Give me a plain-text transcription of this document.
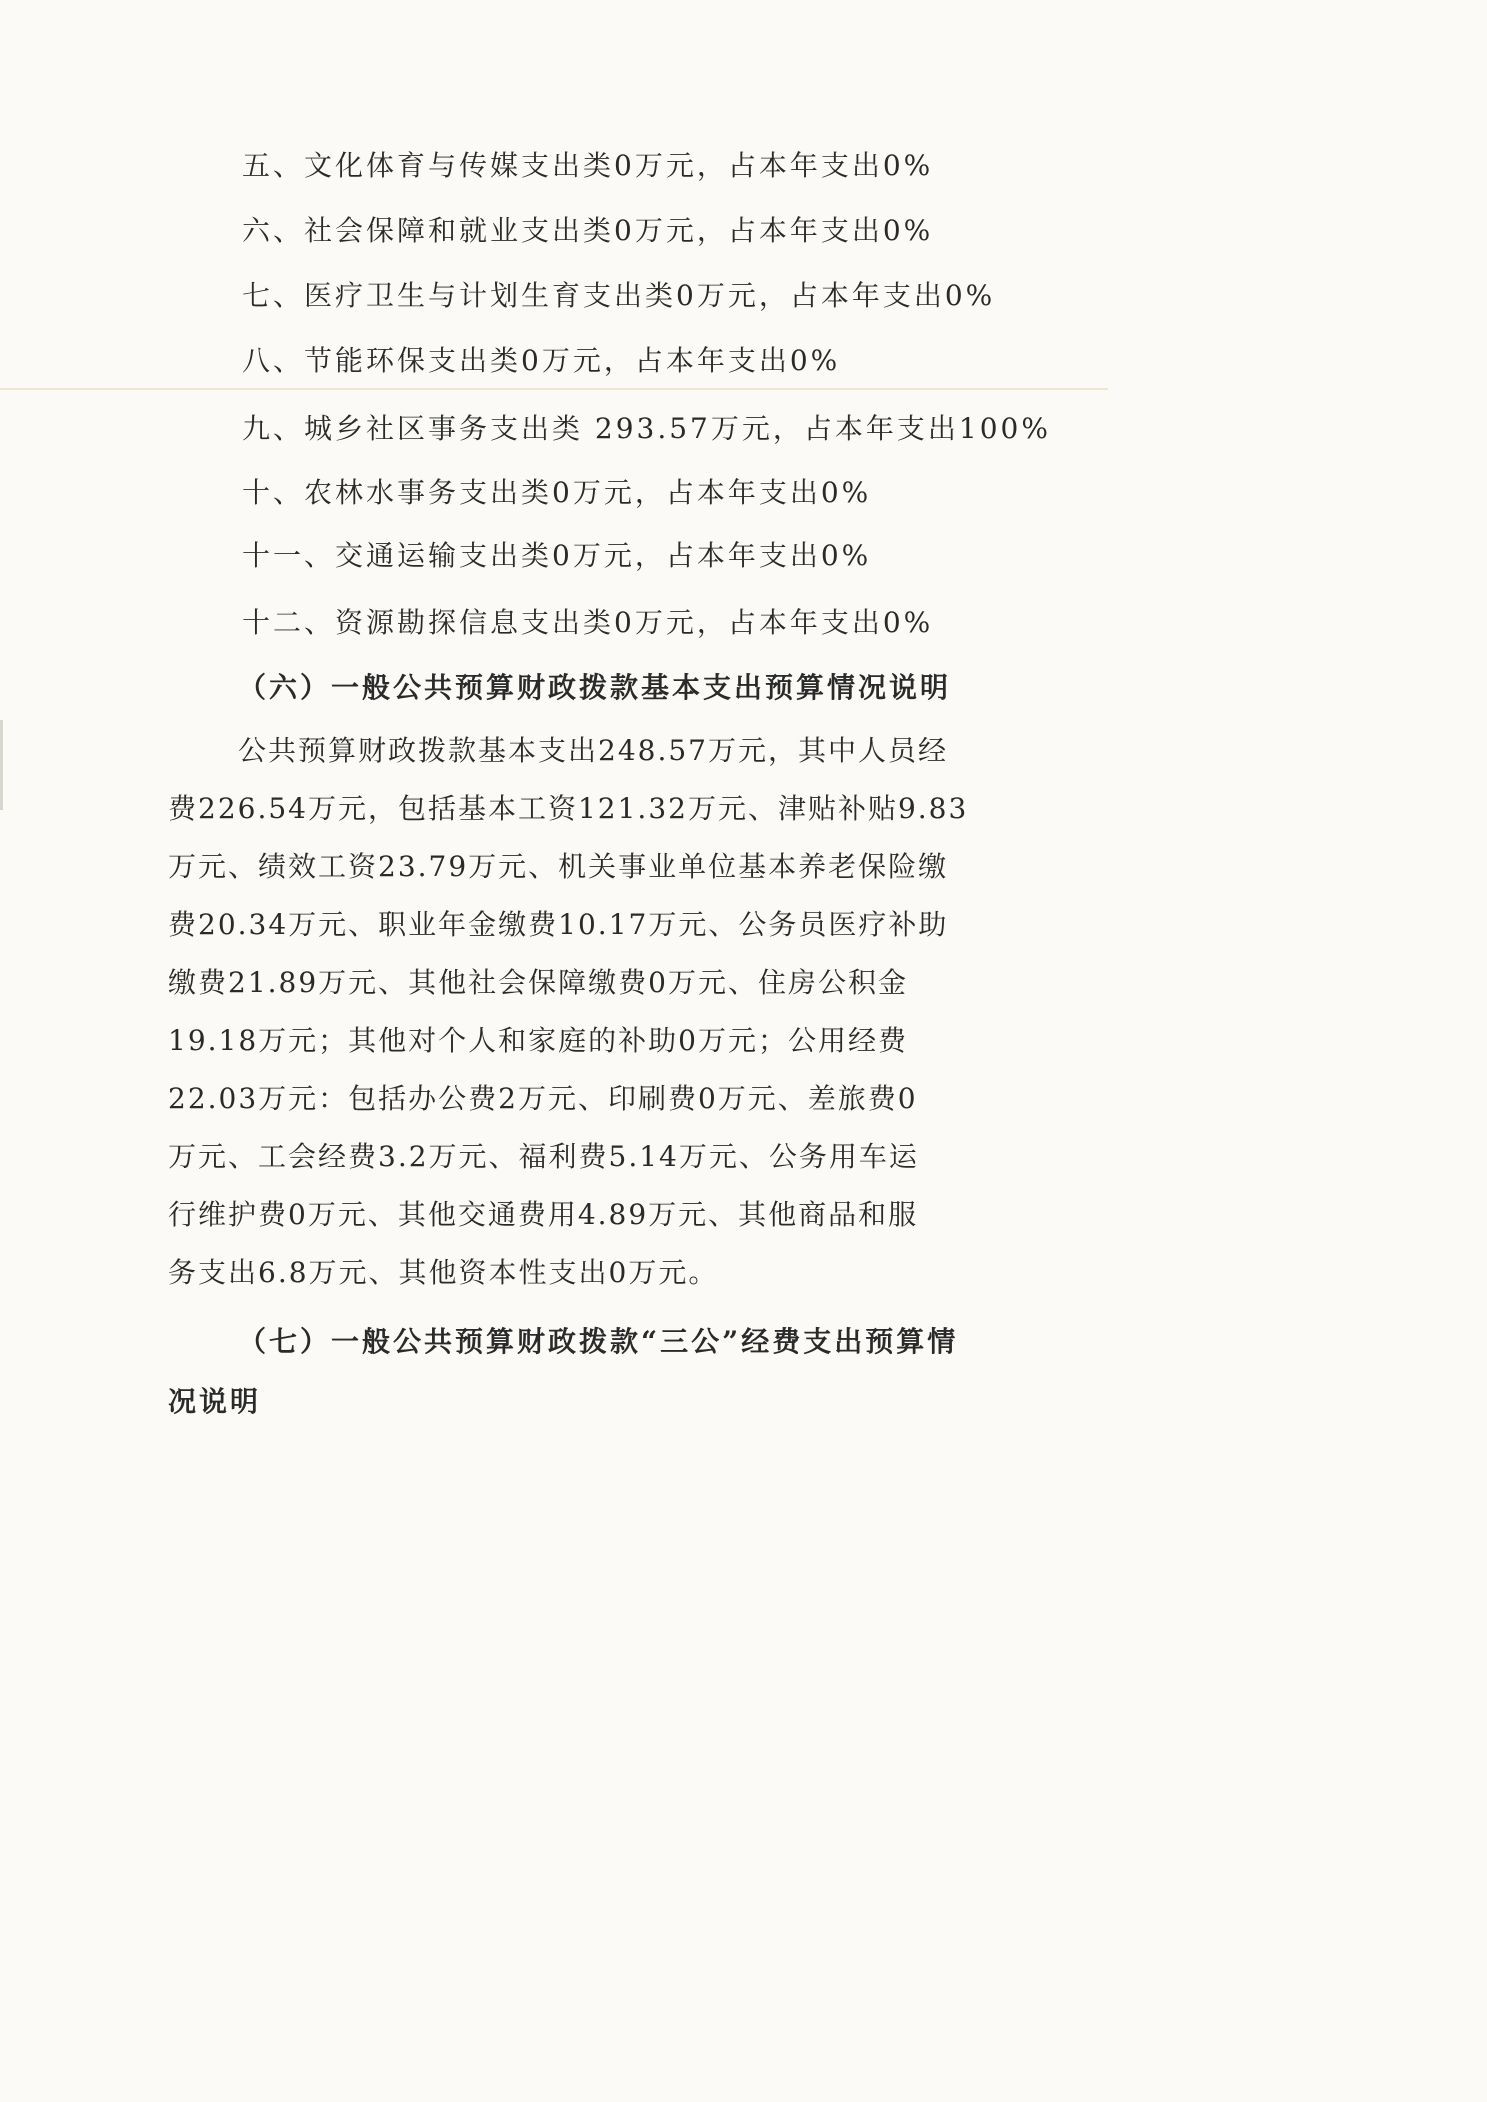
五、文化体育与传媒支出类0万元，占本年支出0%
六、社会保障和就业支出类0万元，占本年支出0%
七、医疗卫生与计划生育支出类0万元，占本年支出0%
八、节能环保支出类0万元，占本年支出0%
九、城乡社区事务支出类 293.57万元，占本年支出100%
十、农林水事务支出类0万元，占本年支出0%
十一、交通运输支出类0万元，占本年支出0%
十二、资源勘探信息支出类0万元，占本年支出0%
（六）一般公共预算财政拨款基本支出预算情况说明

公共预算财政拨款基本支出248.57万元，其中人员经

费226.54万元，包括基本工资121.32万元、津贴补贴9.83

万元、绩效工资23.79万元、机关事业单位基本养老保险缴

费20.34万元、职业年金缴费10.17万元、公务员医疗补助

缴费21.89万元、其他社会保障缴费0万元、住房公积金

19.18万元；其他对个人和家庭的补助0万元；公用经费

22.03万元：包括办公费2万元、印刷费0万元、差旅费0

万元、工会经费3.2万元、福利费5.14万元、公务用车运

行维护费0万元、其他交通费用4.89万元、其他商品和服

务支出6.8万元、其他资本性支出0万元。

（七）一般公共预算财政拨款“三公”经费支出预算情
况说明
